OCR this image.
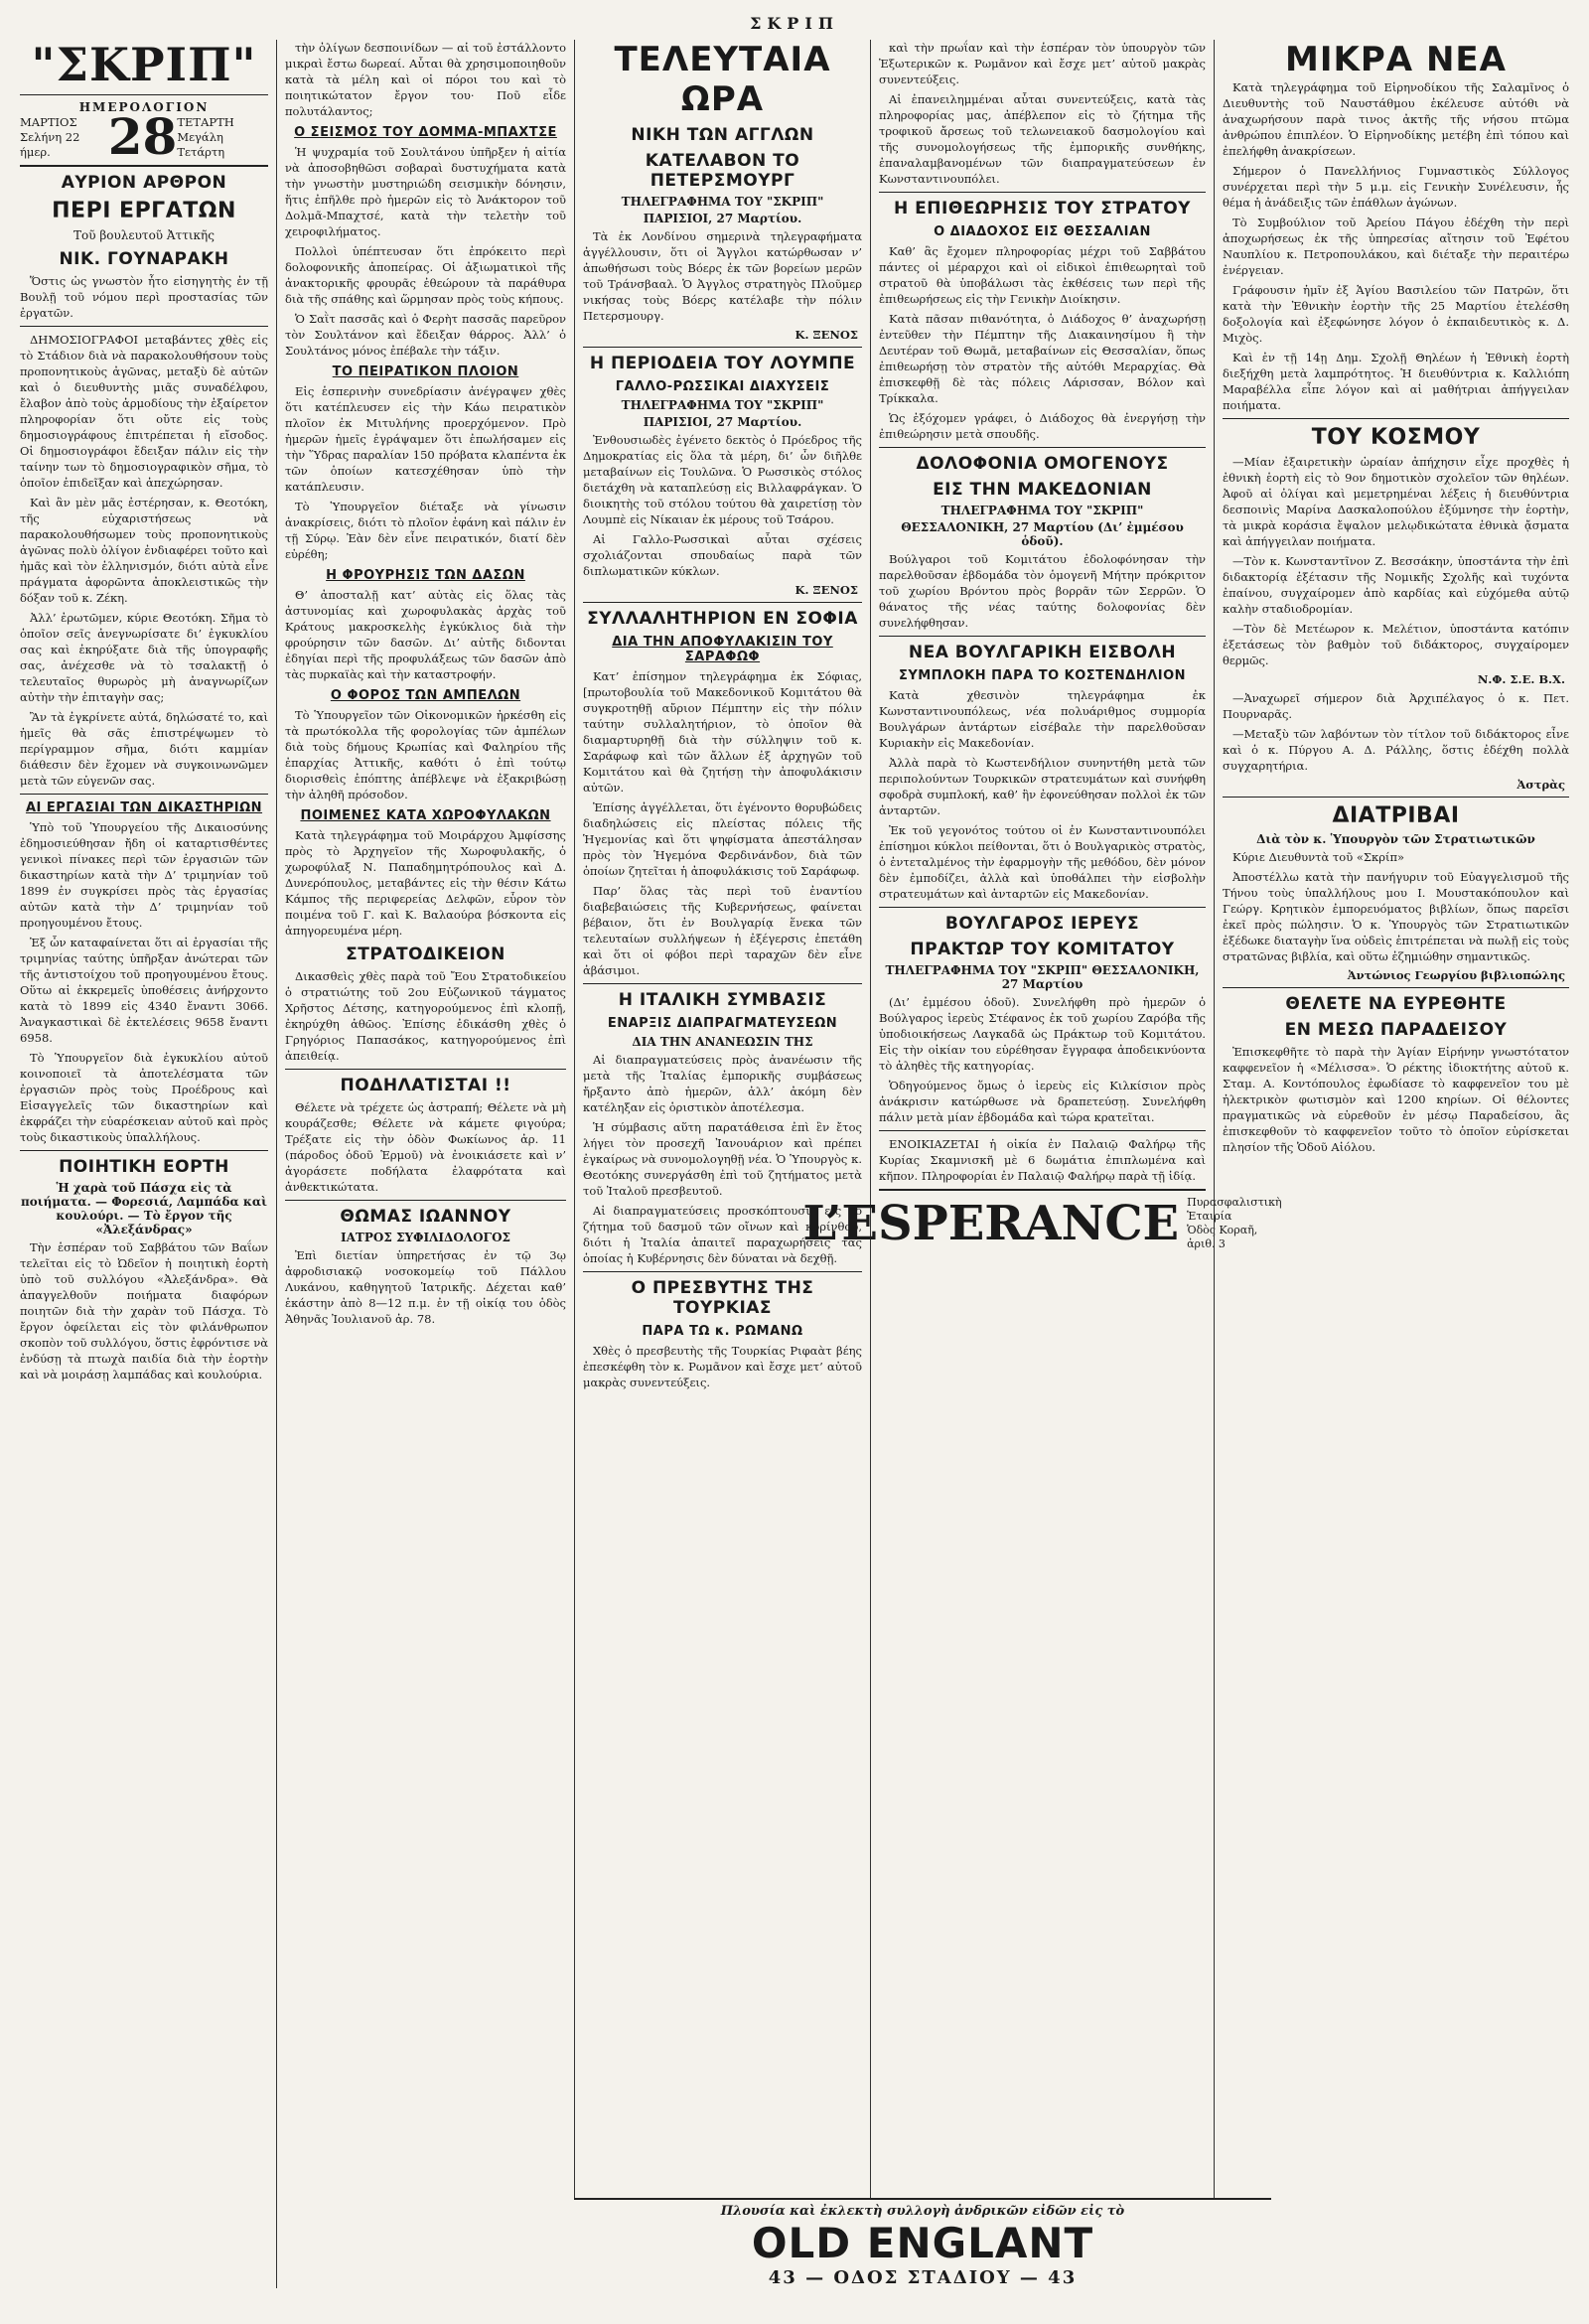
ΣΚΡΙΠ
"ΣΚΡΙΠ"
ΗΜΕΡΟΛΟΓΙΟΝ
ΜΑΡΤΙΟΣ
Σελήνη 22 ήμερ.	28 ΤΕΤΑΡΤΗ
Μεγάλη Τετάρτη
ΑΥΡΙΟΝ ΑΡΘΡΟΝ
ΠΕΡΙ ΕΡΓΑΤΩΝ
Τοῦ βουλευτοῦ Ἀττικῆς
ΝΙΚ. ΓΟΥΝΑΡΑΚΗ

Ὅστις ὡς γνωστὸν ἦτο εἰσηγητὴς ἐν τῇ Βουλῇ τοῦ νόμου περὶ προστασίας τῶν ἐργατῶν.

ΔΗΜΟΣΙΟΓΡΑΦΟΙ μεταβάντες χθὲς εἰς τὸ Στάδιον διὰ νὰ παρακολουθήσουν τοὺς προπονητικοὺς ἀγῶνας, μεταξὺ δὲ αὐτῶν καὶ ὁ διευθυντὴς μιᾶς συναδέλφου, ἔλαβον ἀπὸ τοὺς ἁρμοδίους τὴν ἐξαίρετον πληροφορίαν ὅτι οὔτε εἰς τοὺς δημοσιογράφους ἐπιτρέπεται ἡ εἴσοδος. Οἱ δημοσιογράφοι ἔδειξαν πάλιν εἰς τὴν ταίνην των τὸ δημοσιογραφικὸν σῆμα, τὸ ὁποῖον ἐπιδεῖξαν καὶ ἀπεχώρησαν.

Καὶ ἂν μὲν μᾶς ἐστέρησαν, κ. Θεοτόκη, τῆς εὐχαριστήσεως νὰ παρακολουθήσωμεν τοὺς προπονητικοὺς ἀγῶνας πολὺ ὀλίγον ἐνδιαφέρει τοῦτο καὶ ἡμᾶς καὶ τὸν ἑλληνισμόν, διότι αὐτὰ εἶνε πράγματα ἀφορῶντα ἀποκλειστικῶς τὴν δόξαν τοῦ κ. Ζέκη.

Ἀλλ’ ἐρωτῶμεν, κύριε Θεοτόκη. Σῆμα τὸ ὁποῖον σεῖς ἀνεγνωρίσατε δι’ ἐγκυκλίου σας καὶ ἐκηρύξατε διὰ τῆς ὑπογραφῆς σας, ἀνέχεσθε νὰ τὸ τσαλακτῇ ὁ τελευταῖος θυρωρὸς μὴ ἀναγνωρίζων αὐτὴν τὴν ἐπιταγὴν σας;

Ἂν τὰ ἐγκρίνετε αὐτά, δηλώσατέ το, καὶ ἡμεῖς θὰ σᾶς ἐπιστρέψωμεν τὸ περίγραμμον σῆμα, διότι καμμίαν διάθεσιν δὲν ἔχομεν νὰ συγκοινωνῶμεν μετὰ τῶν εὐγενῶν σας.

ΑΙ ΕΡΓΑΣΙΑΙ ΤΩΝ ΔΙΚΑΣΤΗΡΙΩΝ

Ὑπὸ τοῦ Ὑπουργείου τῆς Δικαιοσύνης ἐδημοσιεύθησαν ἤδη οἱ καταρτισθέντες γενικοὶ πίνακες περὶ τῶν ἐργασιῶν τῶν δικαστηρίων κατὰ τὴν Δ’ τριμηνίαν τοῦ 1899 ἐν συγκρίσει πρὸς τὰς ἐργασίας αὐτῶν κατὰ τὴν Δ’ τριμηνίαν τοῦ προηγουμένου ἔτους.

Ἐξ ὧν καταφαίνεται ὅτι αἱ ἐργασίαι τῆς τριμηνίας ταύτης ὑπῆρξαν ἀνώτεραι τῶν τῆς ἀντιστοίχου τοῦ προηγουμένου ἔτους. Οὕτω αἱ ἐκκρεμεῖς ὑποθέσεις ἀνήρχοντο κατὰ τὸ 1899 εἰς 4340 ἔναντι 3066. Ἀναγκαστικαὶ δὲ ἐκτελέσεις 9658 ἔναντι 6958.

Τὸ Ὑπουργεῖον διὰ ἐγκυκλίου αὐτοῦ κοινοποιεῖ τὰ ἀποτελέσματα τῶν ἐργασιῶν πρὸς τοὺς Προέδρους καὶ Εἰσαγγελεῖς τῶν δικαστηρίων καὶ ἐκφράζει τὴν εὐαρέσκειαν αὐτοῦ καὶ πρὸς τοὺς δικαστικοὺς ὑπαλλήλους.

ΠΟΙΗΤΙΚΗ ΕΟΡΤΗ
Ἡ χαρὰ τοῦ Πάσχα εἰς τὰ ποιήματα. — Φορεσιά, Λαμπάδα καὶ κουλούρι. — Τὸ ἔργον τῆς «Ἀλεξάνδρας»

Τὴν ἑσπέραν τοῦ Σαββάτου τῶν Βαΐων τελεῖται εἰς τὸ Ὠδεῖον ἡ ποιητικὴ ἑορτὴ ὑπὸ τοῦ συλλόγου «Ἀλεξάνδρα». Θὰ ἀπαγγελθοῦν ποιήματα διαφόρων ποιητῶν διὰ τὴν χαρὰν τοῦ Πάσχα. Τὸ ἔργον ὀφείλεται εἰς τὸν φιλάνθρωπον σκοπὸν τοῦ συλλόγου, ὅστις ἐφρόντισε νὰ ἐνδύσῃ τὰ πτωχὰ παιδία διὰ τὴν ἑορτὴν καὶ νὰ μοιράσῃ λαμπάδας καὶ κουλούρια.

τὴν ὀλίγων δεσποινίδων — αἱ τοῦ ἐστάλλοντο μικραὶ ἔστω δωρεαί. Αὗται θὰ χρησιμοποιηθοῦν κατὰ τὰ μέλη καὶ οἱ πόροι του καὶ τὸ ποιητικώτατον ἔργον του· Ποῦ εἶδε πολυτάλαντος;

Ο ΣΕΙΣΜΟΣ ΤΟΥ ΔΟΜΜΑ-ΜΠΑΧΤΣΕ

Ἡ ψυχραμία τοῦ Σουλτάνου ὑπῆρξεν ἡ αἰτία νὰ ἀποσοβηθῶσι σοβαραὶ δυστυχήματα κατὰ τὴν γνωστὴν μυστηριώδη σεισμικὴν δόνησιν, ἥτις ἐπῆλθε πρὸ ἡμερῶν εἰς τὸ Ἀνάκτορον τοῦ Δολμᾶ-Μπαχτσέ, κατὰ τὴν τελετὴν τοῦ χειροφιλήματος.

Πολλοὶ ὑπέπτευσαν ὅτι ἐπρόκειτο περὶ δολοφονικῆς ἀποπείρας. Οἱ ἀξιωματικοὶ τῆς ἀνακτορικῆς φρουρᾶς ἐθεώρουν τὰ παράθυρα διὰ τῆς σπάθης καὶ ὥρμησαν πρὸς τοὺς κήπους.

Ὁ Σαῒτ πασσᾶς καὶ ὁ Φερὴτ πασσᾶς παρεῦρον τὸν Σουλτάνον καὶ ἔδειξαν θάρρος. Ἀλλ’ ὁ Σουλτάνος μόνος ἐπέβαλε τὴν τάξιν.

ΤΟ ΠΕΙΡΑΤΙΚΟΝ ΠΛΟΙΟΝ

Εἰς ἑσπερινὴν συνεδρίασιν ἀνέγραψεν χθὲς ὅτι κατέπλευσεν εἰς τὴν Κάω πειρατικὸν πλοῖον ἐκ Μιτυλήνης προερχόμενον. Πρὸ ἡμερῶν ἡμεῖς ἐγράψαμεν ὅτι ἐπωλήσαμεν εἰς τὴν Ὕδρας παραλίαν 150 πρόβατα κλαπέντα ἐκ τῶν ὁποίων κατεσχέθησαν ὑπὸ τὴν κατάπλευσιν.

Τὸ Ὑπουργεῖον διέταξε νὰ γίνωσιν ἀνακρίσεις, διότι τὸ πλοῖον ἐφάνη καὶ πάλιν ἐν τῇ Σύρῳ. Ἐὰν δὲν εἶνε πειρατικόν, διατί δὲν εὑρέθη;

Η ΦΡΟΥΡΗΣΙΣ ΤΩΝ ΔΑΣΩΝ

Θ’ ἀποσταλῇ κατ’ αὐτὰς εἰς ὅλας τὰς ἀστυνομίας καὶ χωροφυλακὰς ἀρχὰς τοῦ Κράτους μακροσκελὴς ἐγκύκλιος διὰ τὴν φρούρησιν τῶν δασῶν. Δι’ αὐτῆς διδονται ἐδηγίαι περὶ τῆς προφυλάξεως τῶν δασῶν ἀπὸ τὰς πυρκαϊὰς καὶ τὴν καταστροφήν.

Ο ΦΟΡΟΣ ΤΩΝ ΑΜΠΕΛΩΝ

Τὸ Ὑπουργεῖον τῶν Οἰκονομικῶν ἠρκέσθη εἰς τὰ πρωτόκολλα τῆς φορολογίας τῶν ἀμπέλων διὰ τοὺς δήμους Κρωπίας καὶ Φαληρίου τῆς ἐπαρχίας Ἀττικῆς, καθότι ὁ ἐπὶ τούτῳ διορισθεὶς ἐπόπτης ἀπέβλεψε νὰ ἐξακριβώσῃ τὴν ἀληθῆ πρόσοδον.

ΠΟΙΜΕΝΕΣ ΚΑΤΑ ΧΩΡΟΦΥΛΑΚΩΝ

Κατὰ τηλεγράφημα τοῦ Μοιράρχου Ἀμφίσσης πρὸς τὸ Ἀρχηγεῖον τῆς Χωροφυλακῆς, ὁ χωροφύλαξ Ν. Παπαδημητρόπουλος καὶ Δ. Δυνερόπουλος, μεταβάντες εἰς τὴν θέσιν Κάτω Κάμπος τῆς περιφερείας Δελφῶν, εὗρον τὸν ποιμένα τοῦ Γ. καὶ Κ. Βαλαούρα βόσκοντα εἰς ἀπηγορευμένα μέρη.

ΣΤΡΑΤΟΔΙΚΕΙΟΝ

Δικασθεὶς χθὲς παρὰ τοῦ Ἔου Στρατοδικείου ὁ στρατιώτης τοῦ 2ου Εὐζωνικοῦ τάγματος Χρῆστος Δέτσης, κατηγορούμενος ἐπὶ κλοπῇ, ἐκηρύχθη ἀθῶος. Ἐπίσης ἐδικάσθη χθὲς ὁ Γρηγόριος Παπασάκος, κατηγορούμενος ἐπὶ ἀπειθείᾳ.

ΠΟΔΗΛΑΤΙΣΤΑΙ !!

Θέλετε νὰ τρέχετε ὡς ἀστραπή; Θέλετε νὰ μὴ κουράζεσθε; Θέλετε νὰ κάμετε φιγούρα; Τρέξατε εἰς τὴν ὁδὸν Φωκίωνος ἀρ. 11 (πάροδος ὁδοῦ Ἑρμοῦ) νὰ ἐνοικιάσετε καὶ ν’ ἀγοράσετε ποδήλατα ἐλαφρότατα καὶ ἀνθεκτικώτατα.

ΘΩΜΑΣ ΙΩΑΝΝΟΥ
ΙΑΤΡΟΣ ΣΥΦΙΛΙΔΟΛΟΓΟΣ

Ἐπὶ διετίαν ὑπηρετήσας ἐν τῷ 3ῳ ἀφροδισιακῷ νοσοκομείῳ τοῦ Πάλλου Λυκάνου, καθηγητοῦ Ἱατρικῆς. Δέχεται καθ’ ἑκάστην ἀπὸ 8—12 π.μ. ἐν τῇ οἰκίᾳ του ὁδὸς Ἀθηνᾶς Ἰουλιανοῦ ἀρ. 78.

ΤΕΛΕΥΤΑΙΑ ΩΡΑ
ΝΙΚΗ ΤΩΝ ΑΓΓΛΩΝ
ΚΑΤΕΛΑΒΟΝ ΤΟ ΠΕΤΕΡΣΜΟΥΡΓ
ΤΗΛΕΓΡΑΦΗΜΑ ΤΟΥ "ΣΚΡΙΠ"
ΠΑΡΙΣΙΟΙ, 27 Μαρτίου.

Τὰ ἐκ Λονδίνου σημερινὰ τηλεγραφήματα ἀγγέλλουσιν, ὅτι οἱ Ἄγγλοι κατώρθωσαν ν’ ἀπωθήσωσι τοὺς Βόερς ἐκ τῶν βορείων μερῶν τοῦ Τράνσβααλ. Ὁ Ἀγγλος στρατηγὸς Πλοῦμερ νικήσας τοὺς Βόερς κατέλαβε τὴν πόλιν Πετερσμουργ.

Κ. ΞΕΝΟΣ
Η ΠΕΡΙΟΔΕΙΑ ΤΟΥ ΛΟΥΜΠΕ
ΓΑΛΛΟ-ΡΩΣΣΙΚΑΙ ΔΙΑΧΥΣΕΙΣ
ΤΗΛΕΓΡΑΦΗΜΑ ΤΟΥ "ΣΚΡΙΠ"
ΠΑΡΙΣΙΟΙ, 27 Μαρτίου.

Ἐνθουσιωδὲς ἐγένετο δεκτὸς ὁ Πρόεδρος τῆς Δημοκρατίας εἰς ὅλα τὰ μέρη, δι’ ὧν διῆλθε μεταβαίνων εἰς Τουλῶνα. Ὁ Ρωσσικὸς στόλος διετάχθη νὰ καταπλεύσῃ εἰς Βιλλαφράγκαν. Ὁ διοικητὴς τοῦ στόλου τούτου θὰ χαιρετίσῃ τὸν Λουμπὲ εἰς Νίκαιαν ἐκ μέρους τοῦ Τσάρου.

Αἱ Γαλλο-Ρωσσικαὶ αὗται σχέσεις σχολιάζονται σπουδαίως παρὰ τῶν διπλωματικῶν κύκλων.

Κ. ΞΕΝΟΣ
ΣΥΛΛΑΛΗΤΗΡΙΟΝ ΕΝ ΣΟΦΙΑ
ΔΙΑ ΤΗΝ ΑΠΟΦΥΛΑΚΙΣΙΝ ΤΟΥ ΣΑΡΑΦΩΦ

Κατ’ ἐπίσημον τηλεγράφημα ἐκ Σόφιας, [πρωτοβουλία τοῦ Μακεδονικοῦ Κομιτάτου θὰ συγκροτηθῇ αὔριον Πέμπτην εἰς τὴν πόλιν ταύτην συλλαλητήριον, τὸ ὁποῖον θὰ διαμαρτυρηθῇ διὰ τὴν σύλληψιν τοῦ κ. Σαράφωφ καὶ τῶν ἄλλων ἐξ ἀρχηγῶν τοῦ Κομιτάτου καὶ θὰ ζητήσῃ τὴν ἀποφυλάκισιν αὐτῶν.

Ἐπίσης ἀγγέλλεται, ὅτι ἐγένοντο θορυβώδεις διαδηλώσεις εἰς πλείστας πόλεις τῆς Ἡγεμονίας καὶ ὅτι ψηφίσματα ἀπεστάλησαν πρὸς τὸν Ἡγεμόνα Φερδινάνδον, διὰ τῶν ὁποίων ζητεῖται ἡ ἀποφυλάκισις τοῦ Σαράφωφ.

Παρ’ ὅλας τὰς περὶ τοῦ ἐναντίου διαβεβαιώσεις τῆς Κυβερνήσεως, φαίνεται βέβαιον, ὅτι ἐν Βουλγαρίᾳ ἕνεκα τῶν τελευταίων συλλήψεων ἡ ἐξέγερσις ἐπετάθη καὶ ὅτι οἱ φόβοι περὶ ταραχῶν δὲν εἶνε ἀβάσιμοι.

Η ΙΤΑΛΙΚΗ ΣΥΜΒΑΣΙΣ
ΕΝΑΡΞΙΣ ΔΙΑΠΡΑΓΜΑΤΕΥΣΕΩΝ
ΔΙΑ ΤΗΝ ΑΝΑΝΕΩΣΙΝ ΤΗΣ

Αἱ διαπραγματεύσεις πρὸς ἀνανέωσιν τῆς μετὰ τῆς Ἰταλίας ἐμπορικῆς συμβάσεως ἤρξαντο ἀπὸ ἡμερῶν, ἀλλ’ ἀκόμη δὲν κατέληξαν εἰς ὁριστικὸν ἀποτέλεσμα.

Ἡ σύμβασις αὕτη παρατάθεισα ἐπὶ ἓν ἔτος λήγει τὸν προσεχῆ Ἰανουάριον καὶ πρέπει ἐγκαίρως νὰ συνομολογηθῇ νέα. Ὁ Ὑπουργὸς κ. Θεοτόκης συνεργάσθη ἐπὶ τοῦ ζητήματος μετὰ τοῦ Ἰταλοῦ πρεσβευτοῦ.

Αἱ διαπραγματεύσεις προσκόπτουσιν εἰς τὸ ζήτημα τοῦ δασμοῦ τῶν οἴνων καὶ κορίνθου, διότι ἡ Ἰταλία ἀπαιτεῖ παραχωρήσεις τὰς ὁποίας ἡ Κυβέρνησις δὲν δύναται νὰ δεχθῇ.

Ο ΠΡΕΣΒΥΤΗΣ ΤΗΣ ΤΟΥΡΚΙΑΣ
ΠΑΡΑ ΤΩ κ. ΡΩΜΑΝΩ

Χθὲς ὁ πρεσβευτὴς τῆς Τουρκίας Ριφαὰτ βέης ἐπεσκέφθη τὸν κ. Ρωμᾶνον καὶ ἔσχε μετ’ αὐτοῦ μακρὰς συνεντεύξεις.

καὶ τὴν πρωΐαν καὶ τὴν ἑσπέραν τὸν ὑπουργὸν τῶν Ἐξωτερικῶν κ. Ρωμᾶνον καὶ ἔσχε μετ’ αὐτοῦ μακρὰς συνεντεύξεις.

Αἱ ἐπανειλημμέναι αὗται συνεντεύξεις, κατὰ τὰς πληροφορίας μας, ἀπέβλεπον εἰς τὸ ζήτημα τῆς τροφικοῦ ἄρσεως τοῦ τελωνειακοῦ δασμολογίου καὶ τῆς συνομολογήσεως τῆς ἐμπορικῆς συνθήκης, ἐπαναλαμβανομένων τῶν διαπραγματεύσεων ἐν Κωνσταντινουπόλει.

Η ΕΠΙΘΕΩΡΗΣΙΣ ΤΟΥ ΣΤΡΑΤΟΥ
Ο ΔΙΑΔΟΧΟΣ ΕΙΣ ΘΕΣΣΑΛΙΑΝ

Καθ’ ἃς ἔχομεν πληροφορίας μέχρι τοῦ Σαββάτου πάντες οἱ μέραρχοι καὶ οἱ εἰδικοὶ ἐπιθεωρηταὶ τοῦ στρατοῦ θὰ ὑποβάλωσι τὰς ἐκθέσεις των περὶ τῆς ἐπιθεωρήσεως εἰς τὴν Γενικὴν Διοίκησιν.

Κατὰ πᾶσαν πιθανότητα, ὁ Διάδοχος θ’ ἀναχωρήσῃ ἐντεῦθεν τὴν Πέμπτην τῆς Διακαινησίμου ἢ τὴν Δευτέραν τοῦ Θωμᾶ, μεταβαίνων εἰς Θεσσαλίαν, ὅπως ἐπιθεωρήσῃ τὸν στρατὸν τῆς αὐτόθι Μεραρχίας. Θὰ ἐπισκεφθῇ δὲ τὰς πόλεις Λάρισσαν, Βόλον καὶ Τρίκκαλα.

Ὡς ἐξόχομεν γράφει, ὁ Διάδοχος θὰ ἐνεργήσῃ τὴν ἐπιθεώρησιν μετὰ σπουδῆς.

ΔΟΛΟΦΟΝΙΑ ΟΜΟΓΕΝΟΥΣ
ΕΙΣ ΤΗΝ ΜΑΚΕΔΟΝΙΑΝ
ΤΗΛΕΓΡΑΦΗΜΑ ΤΟΥ "ΣΚΡΙΠ"
ΘΕΣΣΑΛΟΝΙΚΗ, 27 Μαρτίου (Δι’ ἐμμέσου ὁδοῦ).

Βούλγαροι τοῦ Κομιτάτου ἐδολοφόνησαν τὴν παρελθοῦσαν ἑβδομάδα τὸν ὁμογενῆ Μήτην πρόκριτον τοῦ χωρίου Βρόντου πρὸς βορρᾶν τῶν Σερρῶν. Ὁ θάνατος τῆς νέας ταύτης δολοφονίας δὲν συνελήφθησαν.

ΝΕΑ ΒΟΥΛΓΑΡΙΚΗ ΕΙΣΒΟΛΗ
ΣΥΜΠΛΟΚΗ ΠΑΡΑ ΤΟ ΚΟΣΤΕΝΔΗΛΙΟΝ

Κατὰ χθεσινὸν τηλεγράφημα ἐκ Κωνσταντινουπόλεως, νέα πολυάριθμος συμμορία Βουλγάρων ἀντάρτων εἰσέβαλε τὴν παρελθοῦσαν Κυριακὴν εἰς Μακεδονίαν.

Ἀλλὰ παρὰ τὸ Κωστενδήλιον συνηντήθη μετὰ τῶν περιπολούντων Τουρκικῶν στρατευμάτων καὶ συνήφθη σφοδρὰ συμπλοκή, καθ’ ἣν ἐφονεύθησαν πολλοὶ ἐκ τῶν ἀνταρτῶν.

Ἐκ τοῦ γεγονότος τούτου οἱ ἐν Κωνσταντινουπόλει ἐπίσημοι κύκλοι πείθονται, ὅτι ὁ Βουλγαρικὸς στρατὸς, ὁ ἐντεταλμένος τὴν ἐφαρμογὴν τῆς μεθόδου, δὲν μόνον δὲν ἐμποδίζει, ἀλλὰ καὶ ὑποθάλπει τὴν εἰσβολὴν στρατευμάτων καὶ ἀνταρτῶν εἰς Μακεδονίαν.

ΒΟΥΛΓΑΡΟΣ ΙΕΡΕΥΣ
ΠΡΑΚΤΩΡ ΤΟΥ ΚΟΜΙΤΑΤΟΥ
ΤΗΛΕΓΡΑΦΗΜΑ ΤΟΥ "ΣΚΡΙΠ" ΘΕΣΣΑΛΟΝΙΚΗ, 27 Μαρτίου

(Δι’ ἐμμέσου ὁδοῦ). Συνελήφθη πρὸ ἡμερῶν ὁ Βούλγαρος ἱερεὺς Στέφανος ἐκ τοῦ χωρίου Ζαρόβα τῆς ὑποδιοικήσεως Λαγκαδᾶ ὡς Πράκτωρ τοῦ Κομιτάτου. Εἰς τὴν οἰκίαν του εὑρέθησαν ἔγγραφα ἀποδεικνύοντα τὸ ἀληθὲς τῆς κατηγορίας.

Ὁδηγούμενος ὅμως ὁ ἱερεὺς εἰς Κιλκίσιον πρὸς ἀνάκρισιν κατώρθωσε νὰ δραπετεύσῃ. Συνελήφθη πάλιν μετὰ μίαν ἑβδομάδα καὶ τώρα κρατεῖται.

ΕΝΟΙΚΙΑΖΕΤΑΙ ἡ οἰκία ἐν Παλαιῷ Φαλήρῳ τῆς Κυρίας Σκαμνισκῆ μὲ 6 δωμάτια ἐπιπλωμένα καὶ κῆπον. Πληροφορίαι ἐν Παλαιῷ Φαλήρῳ παρὰ τῇ ἰδίᾳ.

L’ESPERANCE Πυρασφαλιστικὴ Ἑταιρία
Ὁδὸς Κοραῆ, ἀριθ. 3
ΜΙΚΡΑ ΝΕΑ

Κατὰ τηλεγράφημα τοῦ Εἰρηνοδίκου τῆς Σαλαμῖνος ὁ Διευθυντὴς τοῦ Ναυστάθμου ἐκέλευσε αὐτόθι νὰ ἀναχωρήσουν παρὰ τινος ἀκτῆς τῆς νήσου πτῶμα ἀνθρώπου ἐπιπλέον. Ὁ Εἰρηνοδίκης μετέβη ἐπὶ τόπου καὶ ἐπελήφθη ἀνακρίσεων.

Σήμερον ὁ Πανελλήνιος Γυμναστικὸς Σύλλογος συνέρχεται περὶ τὴν 5 μ.μ. εἰς Γενικὴν Συνέλευσιν, ἧς θέμα ἡ ἀνάδειξις τῶν ἐπάθλων ἀγώνων.

Τὸ Συμβούλιον τοῦ Ἀρείου Πάγου ἐδέχθη τὴν περὶ ἀποχωρήσεως ἐκ τῆς ὑπηρεσίας αἴτησιν τοῦ Ἐφέτου Ναυπλίου κ. Πετροπουλάκου, καὶ διέταξε τὴν περαιτέρω ἐνέργειαν.

Γράφουσιν ἡμῖν ἐξ Ἁγίου Βασιλείου τῶν Πατρῶν, ὅτι κατὰ τὴν Ἐθνικὴν ἑορτὴν τῆς 25 Μαρτίου ἐτελέσθη δοξολογία καὶ ἐξεφώνησε λόγον ὁ ἐκπαιδευτικὸς κ. Δ. Μιχὸς.

Καὶ ἐν τῇ 14ῃ Δημ. Σχολῇ Θηλέων ἡ Ἐθνικὴ ἑορτὴ διεξήχθη μετὰ λαμπρότητος. Ἡ διευθύντρια κ. Καλλιόπη Μαραβέλλα εἶπε λόγον καὶ αἱ μαθήτριαι ἀπήγγειλαν ποιήματα.

ΤΟΥ ΚΟΣΜΟΥ

—Μίαν ἐξαιρετικὴν ὡραίαν ἀπήχησιν εἶχε προχθὲς ἡ ἐθνικὴ ἑορτὴ εἰς τὸ 9ον δημοτικὸν σχολεῖον τῶν θηλέων. Ἀφοῦ αἱ ὀλίγαι καὶ μεμετρημέναι λέξεις ἡ διευθύντρια δεσποινὶς Μαρίνα Δασκαλοπούλου ἐξύμνησε τὴν ἑορτὴν, τὰ μικρὰ κοράσια ἔψαλον μελῳδικώτατα ἐθνικὰ ᾄσματα καὶ ἀπήγγειλαν ποιήματα.

—Τὸν κ. Κωνσταντῖνον Ζ. Βεσσάκην, ὑποστάντα τὴν ἐπὶ διδακτορίᾳ ἐξέτασιν τῆς Νομικῆς Σχολῆς καὶ τυχόντα ἐπαίνου, συγχαίρομεν ἀπὸ καρδίας καὶ εὐχόμεθα αὐτῷ καλὴν σταδιοδρομίαν.

—Τὸν δὲ Μετέωρον κ. Μελέτιον, ὑποστάντα κατόπιν ἐξετάσεως τὸν βαθμὸν τοῦ διδάκτορος, συγχαίρομεν θερμῶς.

Ν.Φ. Σ.Ε. Β.Χ.

—Ἀναχωρεῖ σήμερον διὰ Ἀρχιπέλαγος ὁ κ. Πετ. Πουρναρᾶς.

—Μεταξὺ τῶν λαβόντων τὸν τίτλον τοῦ διδάκτορος εἶνε καὶ ὁ κ. Πύργου Α. Δ. Ράλλης, ὅστις ἐδέχθη πολλὰ συγχαρητήρια.

Ἀστρὰς
ΔΙΑΤΡΙΒΑΙ
Διὰ τὸν κ. Ὑπουργὸν τῶν Στρατιωτικῶν

Κύριε Διευθυντὰ τοῦ «Σκρίπ»

Ἀποστέλλω κατὰ τὴν πανήγυριν τοῦ Εὐαγγελισμοῦ τῆς Τήνου τοὺς ὑπαλλήλους μου Ι. Μουστακόπουλον καὶ Γεώργ. Κρητικὸν ἐμπορευόματος βιβλίων, ὅπως παρεῖσι ἐκεῖ πρὸς πώλησιν. Ὁ κ. Ὑπουργὸς τῶν Στρατιωτικῶν ἐξέδωκε διαταγὴν ἵνα οὐδεὶς ἐπιτρέπεται νὰ πωλῇ εἰς τοὺς στρατῶνας βιβλία, καὶ οὕτω ἐζημιώθην σημαντικῶς.

Ἀντώνιος Γεωργίου βιβλιοπώλης
ΘΕΛΕΤΕ ΝΑ ΕΥΡΕΘΗΤΕ
ΕΝ ΜΕΣΩ ΠΑΡΑΔΕΙΣΟΥ

Ἐπισκεφθῆτε τὸ παρὰ τὴν Ἁγίαν Εἰρήνην γνωστότατον καφφενεῖον ἡ «Μέλισσα». Ὁ ρέκτης ἰδιοκτήτης αὐτοῦ κ. Σταμ. Α. Κοντόπουλος ἐφωδίασε τὸ καφφενεῖον του μὲ ἠλεκτρικὸν φωτισμὸν καὶ 1200 κηρίων. Οἱ θέλοντες πραγματικῶς νὰ εὑρεθοῦν ἐν μέσῳ Παραδείσου, ἂς ἐπισκεφθοῦν τὸ καφφενεῖον τοῦτο τὸ ὁποῖον εὑρίσκεται πλησίον τῆς Ὁδοῦ Αἰόλου.

Πλουσία καὶ ἐκλεκτὴ συλλογὴ ἀνδρικῶν εἰδῶν εἰς τὸ
OLD ENGLANT
43 — ΟΔΟΣ ΣΤΑΔΙΟΥ — 43
